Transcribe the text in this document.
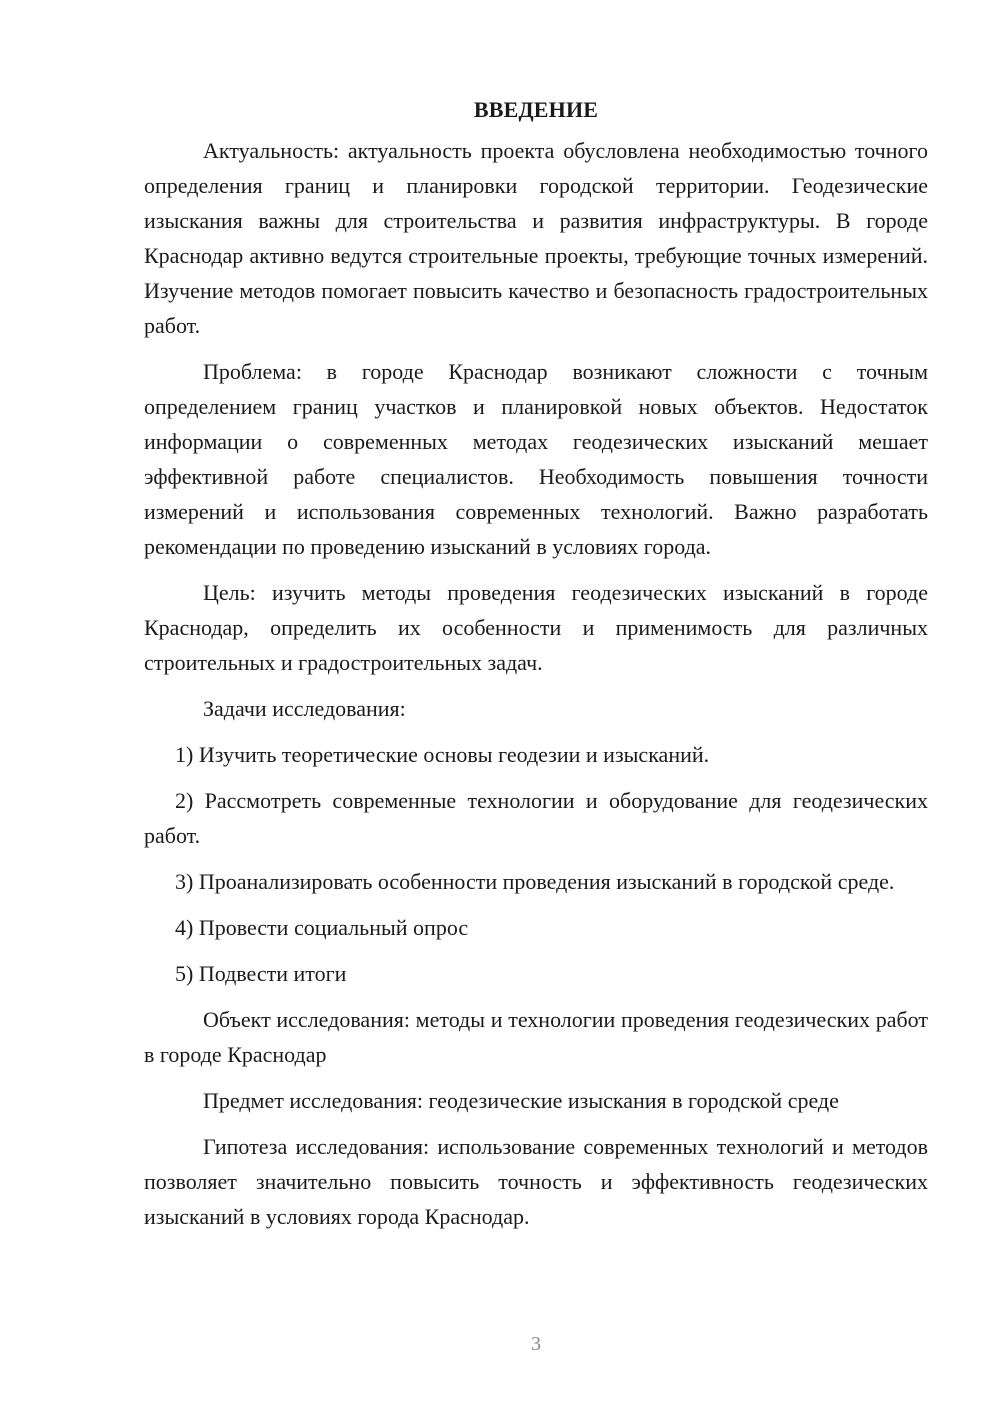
ВВЕДЕНИЕ

Актуальность: актуальность проекта обусловлена необходимостью точного определения границ и планировки городской территории. Геодезические изыскания важны для строительства и развития инфраструктуры. В городе Краснодар активно ведутся строительные проекты, требующие точных измерений. Изучение методов помогает повысить качество и безопасность градостроительных работ.

Проблема: в городе Краснодар возникают сложности с точным определением границ участков и планировкой новых объектов. Недостаток информации о современных методах геодезических изысканий мешает эффективной работе специалистов. Необходимость повышения точности измерений и использования современных технологий. Важно разработать рекомендации по проведению изысканий в условиях города.

Цель: изучить методы проведения геодезических изысканий в городе Краснодар, определить их особенности и применимость для различных строительных и градостроительных задач.

Задачи исследования:

1) Изучить теоретические основы геодезии и изысканий.

2) Рассмотреть современные технологии и оборудование для геодезических работ.

3) Проанализировать особенности проведения изысканий в городской среде.

4) Провести социальный опрос

5) Подвести итоги

Объект исследования: методы и технологии проведения геодезических работ в городе Краснодар

Предмет исследования: геодезические изыскания в городской среде

Гипотеза исследования: использование современных технологий и методов позволяет значительно повысить точность и эффективность геодезических изысканий в условиях города Краснодар.

3
